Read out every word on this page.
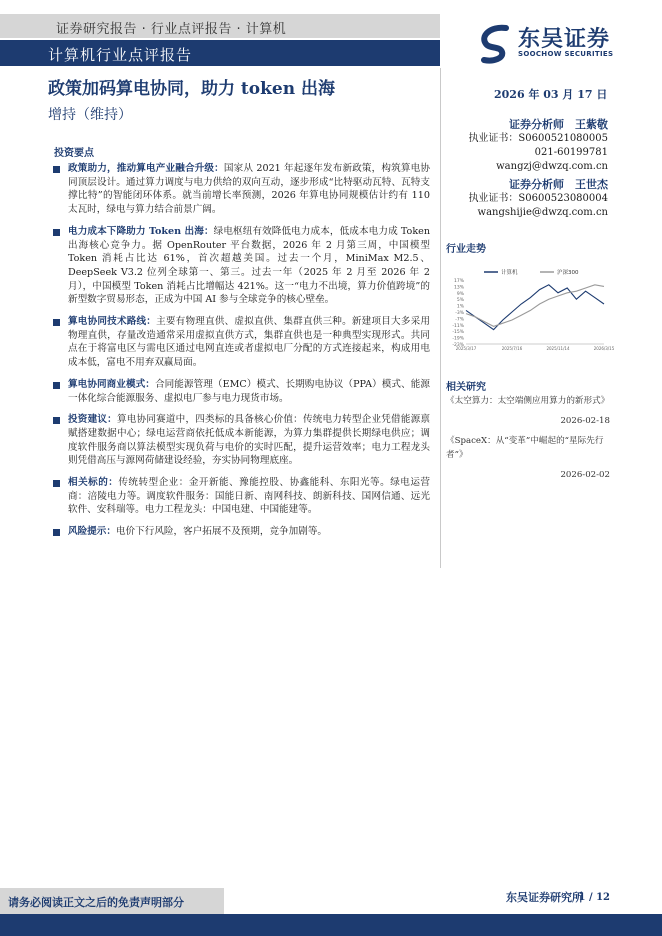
证券研究报告 · 行业点评报告 · 计算机
计算机行业点评报告
东吴证券
SOOCHOW SECURITIES
政策加码算电协同，助力 token 出海
增持（维持）
2026 年 03 月 17 日
证券分析师　王紫敬
执业证书：S0600521080005
021-60199781
wangzj@dwzq.com.cn
证券分析师　王世杰
执业证书：S0600523080004
wangshijie@dwzq.com.cn
投资要点
政策助力，推动算电产业融合升级：国家从 2021 年起逐年发布新政策，构筑算电协同顶层设计。通过算力调度与电力供给的双向互动，逐步形成“比特驱动瓦特、瓦特支撑比特”的智能闭环体系。就当前增长率预测，2026 年算电协同规模估计约有 110 太瓦时，绿电与算力结合前景广阔。
电力成本下降助力 Token 出海：绿电枢纽有效降低电力成本，低成本电力成 Token 出海核心竞争力。据 OpenRouter 平台数据，2026 年 2 月第三周，中国模型 Token 消耗占比达 61%，首次超越美国。过去一个月，MiniMax M2.5、 DeepSeek V3.2 位列全球第一、第三。过去一年（2025 年 2 月至 2026 年 2 月），中国模型 Token 消耗占比增幅达 421%。这一“电力不出境，算力价值跨境”的新型数字贸易形态，正成为中国 AI 参与全球竞争的核心壁垒。
算电协同技术路线：主要有物理直供、虚拟直供、集群直供三种。新建项目大多采用物理直供，存量改造通常采用虚拟直供方式，集群直供也是一种典型实现形式。共同点在于将富电区与需电区通过电网直连或者虚拟电厂分配的方式连接起来，构成用电成本低，富电不用弃双赢局面。
算电协同商业模式：合同能源管理（EMC）模式、长期购电协议（PPA）模式、能源一体化综合能源服务、虚拟电厂参与电力现货市场。
投资建议：算电协同赛道中，四类标的具备核心价值：传统电力转型企业凭借能源禀赋搭建数据中心；绿电运营商依托低成本新能源，为算力集群提供长期绿电供应；调度软件服务商以算法模型实现负荷与电价的实时匹配，提升运营效率；电力工程龙头则凭借高压与源网荷储建设经验，夯实协同物理底座。
相关标的：传统转型企业：金开新能、豫能控股、协鑫能科、东阳光等。绿电运营商：涪陵电力等。调度软件服务：国能日新、南网科技、朗新科技、国网信通、远光软件、安科瑞等。电力工程龙头：中国电建、中国能建等。
风险提示：电价下行风险，客户拓展不及预期，竞争加剧等。
行业走势
计算机	沪深300
17%
13%
9%
5%
1%
-3%
-7%
-11%
-15%
-19%
-23%
2025/3/17	2025/7/16	2025/11/14	2026/3/15
相关研究
《太空算力：太空端侧应用算力的新形式》
2026-02-18
《SpaceX：从“变革”中崛起的“星际先行者”》
2026-02-02
1 / 12
请务必阅读正文之后的免责声明部分	东吴证券研究所
